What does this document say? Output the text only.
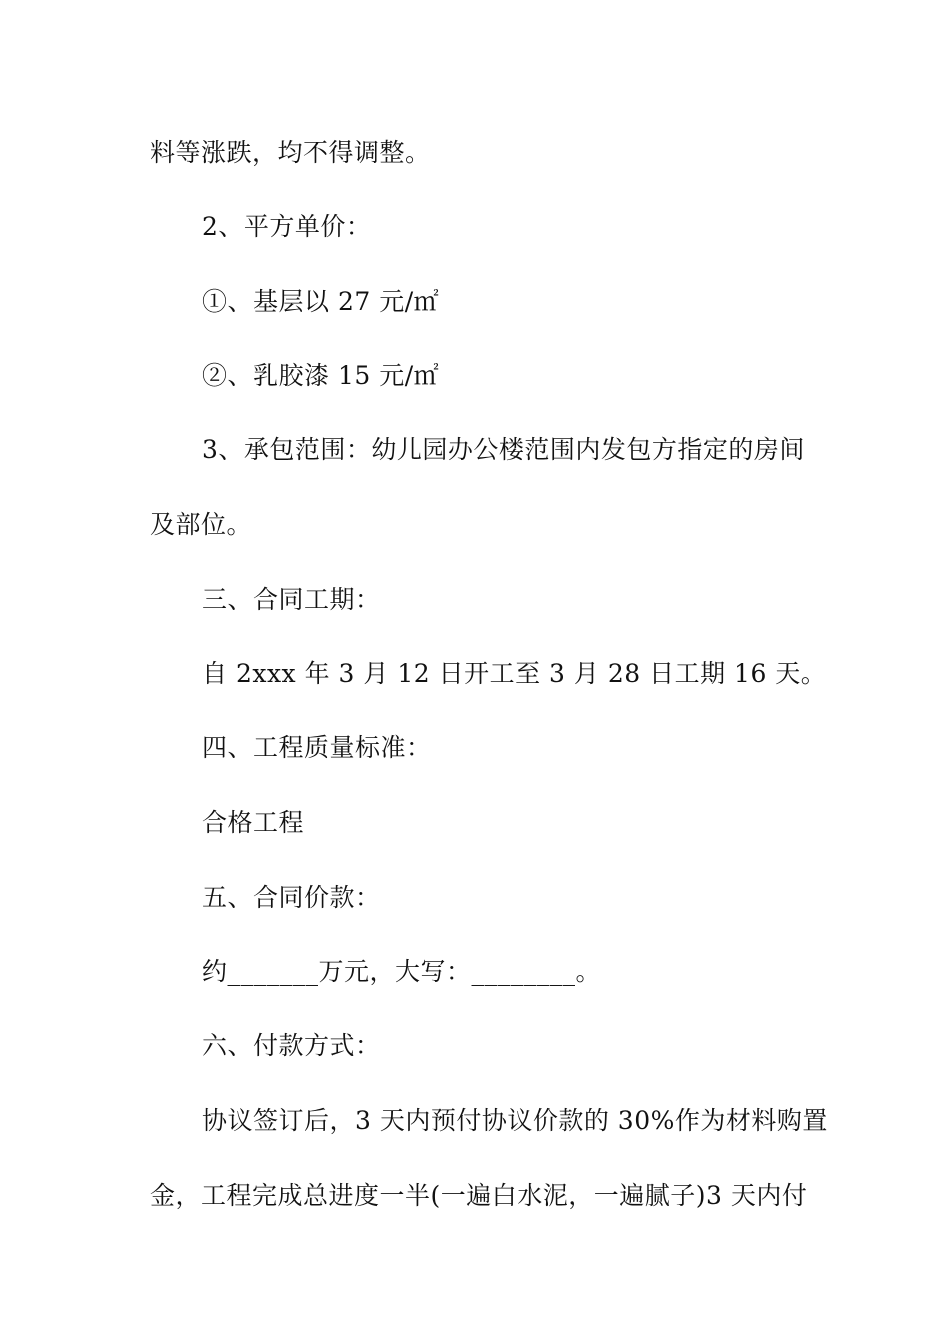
料等涨跌，均不得调整。
2、平方单价：
①、基层以 27 元/㎡
②、乳胶漆 15 元/㎡
3、承包范围：幼儿园办公楼范围内发包方指定的房间
及部位。
三、合同工期：
自 2xxx 年 3 月 12 日开工至 3 月 28 日工期 16 天。
四、工程质量标准：
合格工程
五、合同价款：
约_______万元，大写：________。
六、付款方式：
协议签订后，3 天内预付协议价款的 30%作为材料购置
金，工程完成总进度一半(一遍白水泥，一遍腻子)3 天内付
